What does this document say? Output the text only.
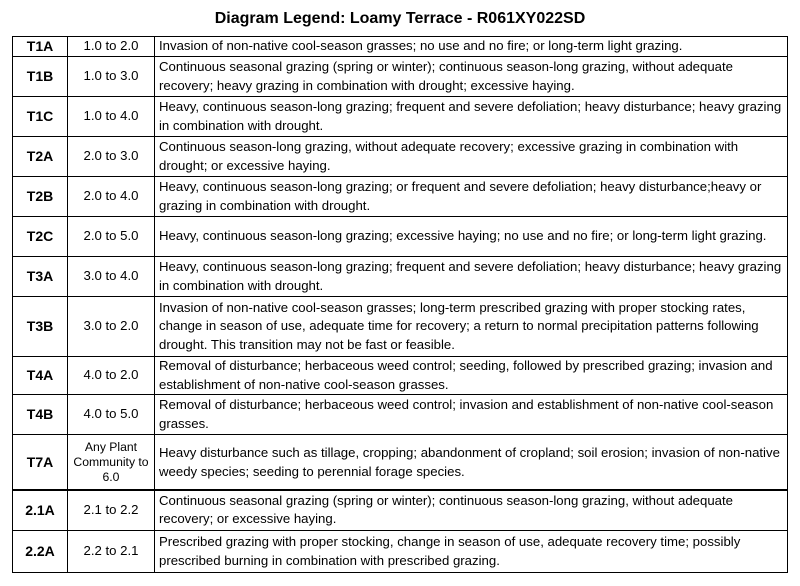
Diagram Legend: Loamy Terrace - R061XY022SD
T1A	1.0 to 2.0	Invasion of non-native cool-season grasses; no use and no fire; or long-term light grazing.
T1B	1.0 to 3.0	Continuous seasonal grazing (spring or winter); continuous season-long grazing, without adequate recovery; heavy grazing in combination with drought; excessive haying.
T1C	1.0 to 4.0	Heavy, continuous season-long grazing; frequent and severe defoliation; heavy disturbance; heavy grazing in combination with drought.
T2A	2.0 to 3.0	Continuous season-long grazing, without adequate recovery; excessive grazing in combination with drought; or excessive haying.
T2B	2.0 to 4.0	Heavy, continuous season-long grazing; or frequent and severe defoliation; heavy disturbance;heavy or grazing in combination with drought.
T2C	2.0 to 5.0	Heavy, continuous season-long grazing; excessive haying; no use and no fire; or long-term light grazing.
T3A	3.0 to 4.0	Heavy, continuous season-long grazing; frequent and severe defoliation; heavy disturbance; heavy grazing in combination with drought.
T3B	3.0 to 2.0	Invasion of non-native cool-season grasses; long-term prescribed grazing with proper stocking rates, change in season of use, adequate time for recovery; a return to normal precipitation patterns following drought. This transition may not be fast or feasible.
T4A	4.0 to 2.0	Removal of disturbance; herbaceous weed control; seeding, followed by prescribed grazing; invasion and establishment of non-native cool-season grasses.
T4B	4.0 to 5.0	Removal of disturbance; herbaceous weed control; invasion and establishment of non-native cool-season grasses.
T7A	Any Plant Community to 6.0	Heavy disturbance such as tillage, cropping; abandonment of cropland; soil erosion; invasion of non-native weedy species; seeding to perennial forage species.
2.1A	2.1 to 2.2	Continuous seasonal grazing (spring or winter); continuous season-long grazing, without adequate recovery; or excessive haying.
2.2A	2.2 to 2.1	Prescribed grazing with proper stocking, change in season of use, adequate recovery time; possibly prescribed burning in combination with prescribed grazing.
